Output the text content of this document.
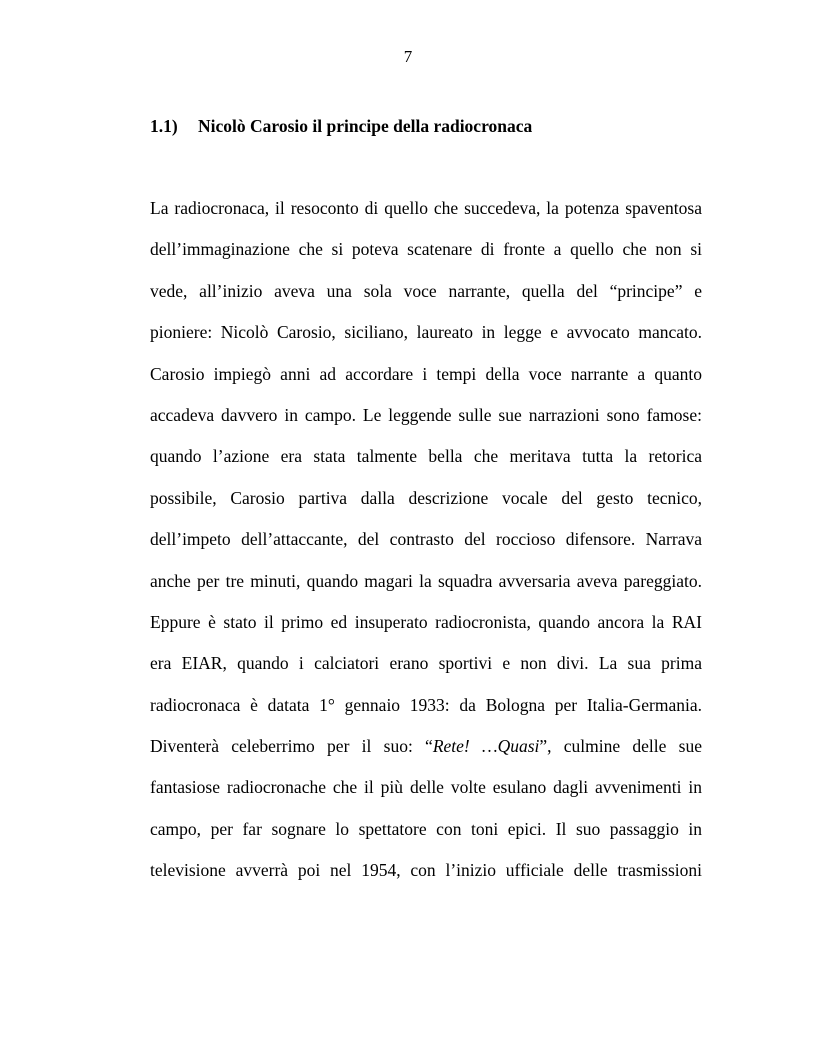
7
1.1) Nicolò Carosio il principe della radiocronaca
La radiocronaca, il resoconto di quello che succedeva, la potenza spaventosa
dell’immaginazione che si poteva scatenare di fronte a quello che non si
vede, all’inizio aveva una sola voce narrante, quella del “principe” e
pioniere: Nicolò Carosio, siciliano, laureato in legge e avvocato mancato.
Carosio impiegò anni ad accordare i tempi della voce narrante a quanto
accadeva davvero in campo. Le leggende sulle sue narrazioni sono famose:
quando l’azione era stata talmente bella che meritava tutta la retorica
possibile, Carosio partiva dalla descrizione vocale del gesto tecnico,
dell’impeto dell’attaccante, del contrasto del roccioso difensore. Narrava
anche per tre minuti, quando magari la squadra avversaria aveva pareggiato.
Eppure è stato il primo ed insuperato radiocronista, quando ancora la RAI
era EIAR, quando i calciatori erano sportivi e non divi. La sua prima
radiocronaca è datata 1° gennaio 1933: da Bologna per Italia-Germania.
Diventerà celeberrimo per il suo: “Rete! …Quasi”, culmine delle sue
fantasiose radiocronache che il più delle volte esulano dagli avvenimenti in
campo, per far sognare lo spettatore con toni epici. Il suo passaggio in
televisione avverrà poi nel 1954, con l’inizio ufficiale delle trasmissioni
